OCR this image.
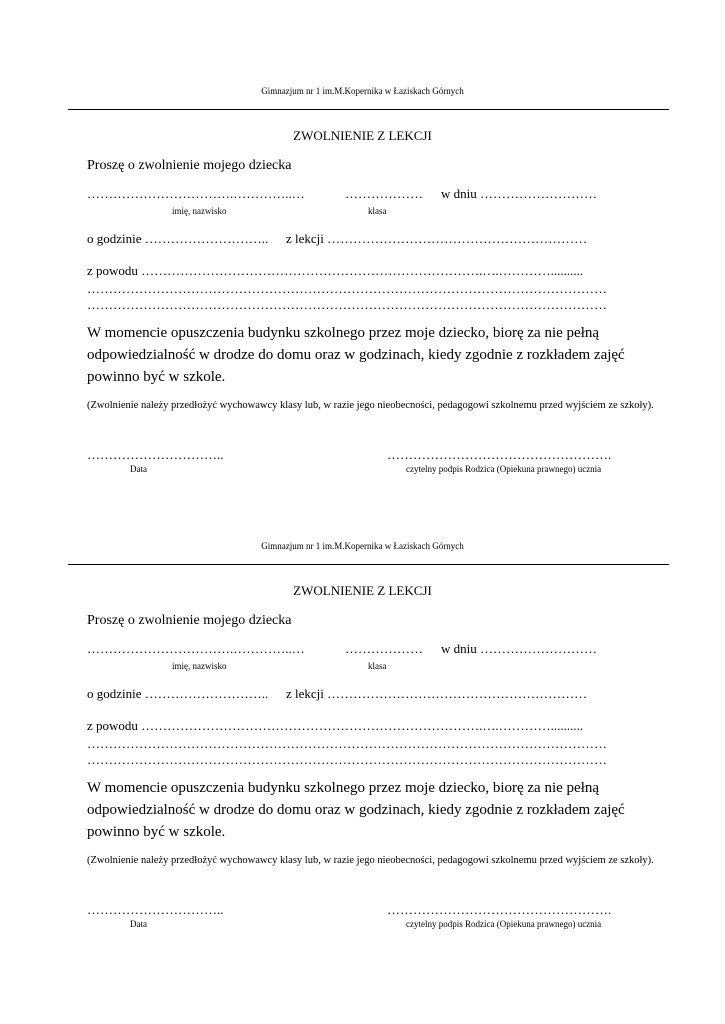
Gimnazjum nr 1 im.M.Kopernika w Łaziskach Górnych
ZWOLNIENIE Z LEKCJI
Proszę o zwolnienie mojego dziecka
…………………………….…………..…	……………… w dniu ………………………
imię, nazwisko	klasa
o godzinie ……………………….. z lekcji ……………………………………………………
z powodu …………………………………………………………………….….…………..........
…………………………………………………………………………………………………………
…………………………………………………………………………………………………………
W momencie opuszczenia budynku szkolnego przez moje dziecko, biorę za nie pełną odpowiedzialność w drodze do domu oraz w godzinach, kiedy zgodnie z rozkładem zajęć powinno być w szkole.
(Zwolnienie należy przedłożyć wychowawcy klasy lub, w razie jego nieobecności, pedagogowi szkolnemu przed wyjściem ze szkoły).
…………………………..	…………………………………………….
Data	czytelny podpis Rodzica (Opiekuna prawnego) ucznia
Gimnazjum nr 1 im.M.Kopernika w Łaziskach Górnych
ZWOLNIENIE Z LEKCJI
Proszę o zwolnienie mojego dziecka
…………………………….…………..…	……………… w dniu ………………………
imię, nazwisko	klasa
o godzinie ……………………….. z lekcji ……………………………………………………
z powodu …………………………………………………………………….….…………..........
…………………………………………………………………………………………………………
…………………………………………………………………………………………………………
W momencie opuszczenia budynku szkolnego przez moje dziecko, biorę za nie pełną odpowiedzialność w drodze do domu oraz w godzinach, kiedy zgodnie z rozkładem zajęć powinno być w szkole.
(Zwolnienie należy przedłożyć wychowawcy klasy lub, w razie jego nieobecności, pedagogowi szkolnemu przed wyjściem ze szkoły).
…………………………..	…………………………………………….
Data	czytelny podpis Rodzica (Opiekuna prawnego) ucznia
